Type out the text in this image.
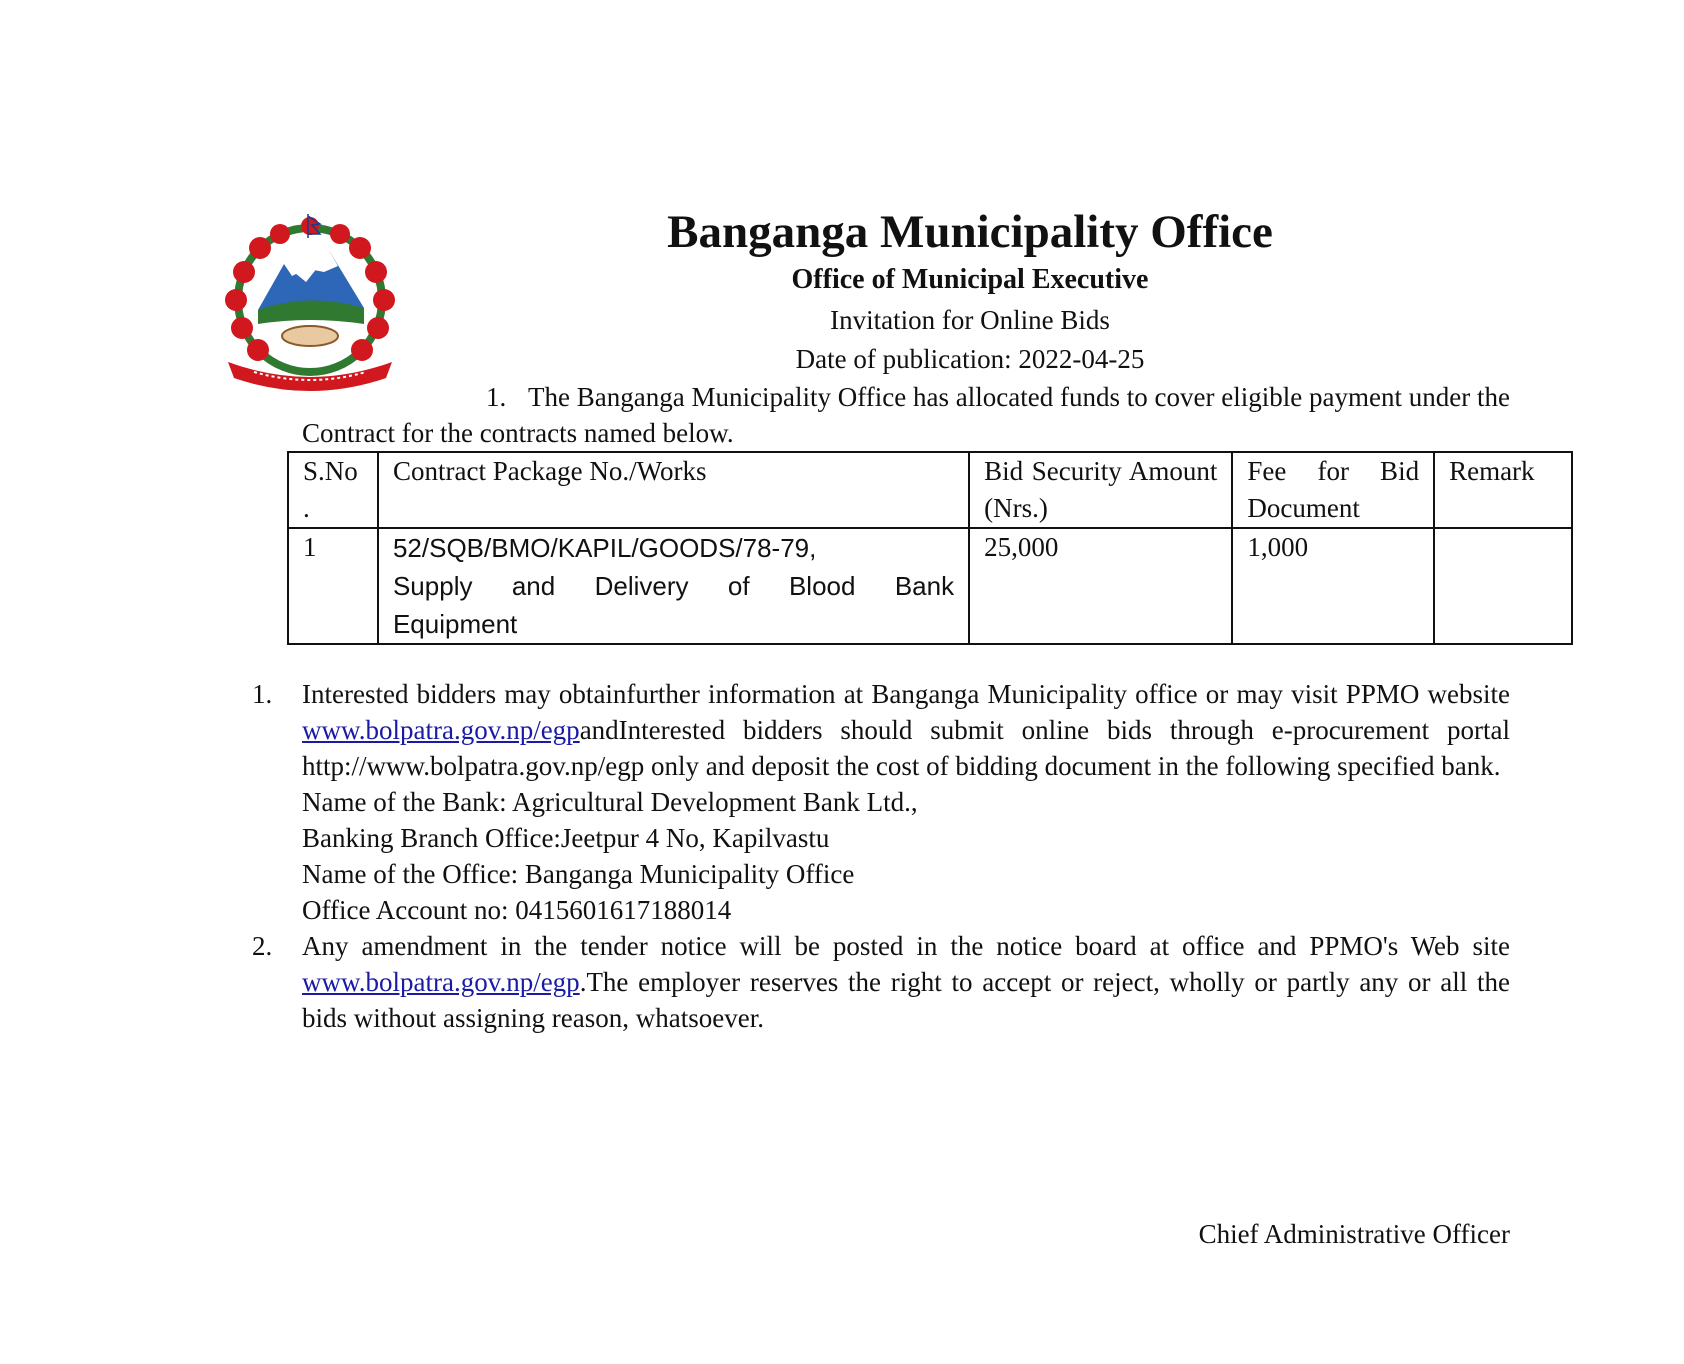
Banganga Municipality Office
Office of Municipal Executive
Invitation for Online Bids
Date of publication: 2022-04-25

1. The Banganga Municipality Office has allocated funds to cover eligible payment under the Contract for the contracts named below.

S.No .	Contract Package No./Works	Bid Security Amount (Nrs.)	Fee for Bid Document	Remark
1	52/SQB/BMO/KAPIL/GOODS/78-79,
Supply and Delivery of Blood Bank
Equipment	25,000	1,000	
1. Interested bidders may obtainfurther information at Banganga Municipality office or may visit PPMO website www.bolpatra.gov.np/egpandInterested bidders should submit online bids through e-procurement portal http://www.bolpatra.gov.np/egp only and deposit the cost of bidding document in the following specified bank.
Name of the Bank: Agricultural Development Bank Ltd.,
Banking Branch Office:Jeetpur 4 No, Kapilvastu
Name of the Office: Banganga Municipality Office
Office Account no: 0415601617188014
2. Any amendment in the tender notice will be posted in the notice board at office and PPMO's Web site www.bolpatra.gov.np/egp.The employer reserves the right to accept or reject, wholly or partly any or all the bids without assigning reason, whatsoever.
Chief Administrative Officer
